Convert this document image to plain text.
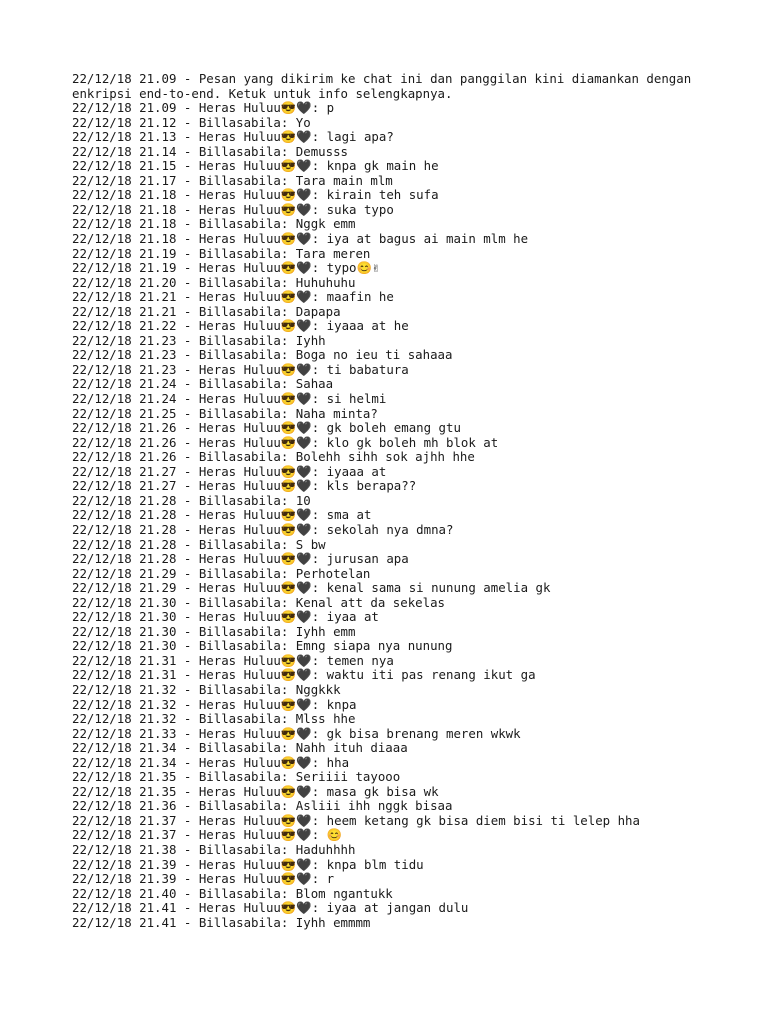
22/12/18 21.09 - Pesan yang dikirim ke chat ini dan panggilan kini diamankan dengan
enkripsi end-to-end. Ketuk untuk info selengkapnya.
22/12/18 21.09 - Heras Huluu😎🖤: p
22/12/18 21.12 - Billasabila: Yo
22/12/18 21.13 - Heras Huluu😎🖤: lagi apa?
22/12/18 21.14 - Billasabila: Demusss
22/12/18 21.15 - Heras Huluu😎🖤: knpa gk main he
22/12/18 21.17 - Billasabila: Tara main mlm
22/12/18 21.18 - Heras Huluu😎🖤: kirain teh sufa
22/12/18 21.18 - Heras Huluu😎🖤: suka typo
22/12/18 21.18 - Billasabila: Nggk emm
22/12/18 21.18 - Heras Huluu😎🖤: iya at bagus ai main mlm he
22/12/18 21.19 - Billasabila: Tara meren
22/12/18 21.19 - Heras Huluu😎🖤: typo😊✌
22/12/18 21.20 - Billasabila: Huhuhuhu
22/12/18 21.21 - Heras Huluu😎🖤: maafin he
22/12/18 21.21 - Billasabila: Dapapa
22/12/18 21.22 - Heras Huluu😎🖤: iyaaa at he
22/12/18 21.23 - Billasabila: Iyhh
22/12/18 21.23 - Billasabila: Boga no ieu ti sahaaa
22/12/18 21.23 - Heras Huluu😎🖤: ti babatura
22/12/18 21.24 - Billasabila: Sahaa
22/12/18 21.24 - Heras Huluu😎🖤: si helmi
22/12/18 21.25 - Billasabila: Naha minta?
22/12/18 21.26 - Heras Huluu😎🖤: gk boleh emang gtu
22/12/18 21.26 - Heras Huluu😎🖤: klo gk boleh mh blok at
22/12/18 21.26 - Billasabila: Bolehh sihh sok ajhh hhe
22/12/18 21.27 - Heras Huluu😎🖤: iyaaa at
22/12/18 21.27 - Heras Huluu😎🖤: kls berapa??
22/12/18 21.28 - Billasabila: 10
22/12/18 21.28 - Heras Huluu😎🖤: sma at
22/12/18 21.28 - Heras Huluu😎🖤: sekolah nya dmna?
22/12/18 21.28 - Billasabila: S bw
22/12/18 21.28 - Heras Huluu😎🖤: jurusan apa
22/12/18 21.29 - Billasabila: Perhotelan
22/12/18 21.29 - Heras Huluu😎🖤: kenal sama si nunung amelia gk
22/12/18 21.30 - Billasabila: Kenal att da sekelas
22/12/18 21.30 - Heras Huluu😎🖤: iyaa at
22/12/18 21.30 - Billasabila: Iyhh emm
22/12/18 21.30 - Billasabila: Emng siapa nya nunung
22/12/18 21.31 - Heras Huluu😎🖤: temen nya
22/12/18 21.31 - Heras Huluu😎🖤: waktu iti pas renang ikut ga
22/12/18 21.32 - Billasabila: Nggkkk
22/12/18 21.32 - Heras Huluu😎🖤: knpa
22/12/18 21.32 - Billasabila: Mlss hhe
22/12/18 21.33 - Heras Huluu😎🖤: gk bisa brenang meren wkwk
22/12/18 21.34 - Billasabila: Nahh ituh diaaa
22/12/18 21.34 - Heras Huluu😎🖤: hha
22/12/18 21.35 - Billasabila: Seriiii tayooo
22/12/18 21.35 - Heras Huluu😎🖤: masa gk bisa wk
22/12/18 21.36 - Billasabila: Asliii ihh nggk bisaa
22/12/18 21.37 - Heras Huluu😎🖤: heem ketang gk bisa diem bisi ti lelep hha
22/12/18 21.37 - Heras Huluu😎🖤: 😊
22/12/18 21.38 - Billasabila: Haduhhhh
22/12/18 21.39 - Heras Huluu😎🖤: knpa blm tidu
22/12/18 21.39 - Heras Huluu😎🖤: r
22/12/18 21.40 - Billasabila: Blom ngantukk
22/12/18 21.41 - Heras Huluu😎🖤: iyaa at jangan dulu
22/12/18 21.41 - Billasabila: Iyhh emmmm
